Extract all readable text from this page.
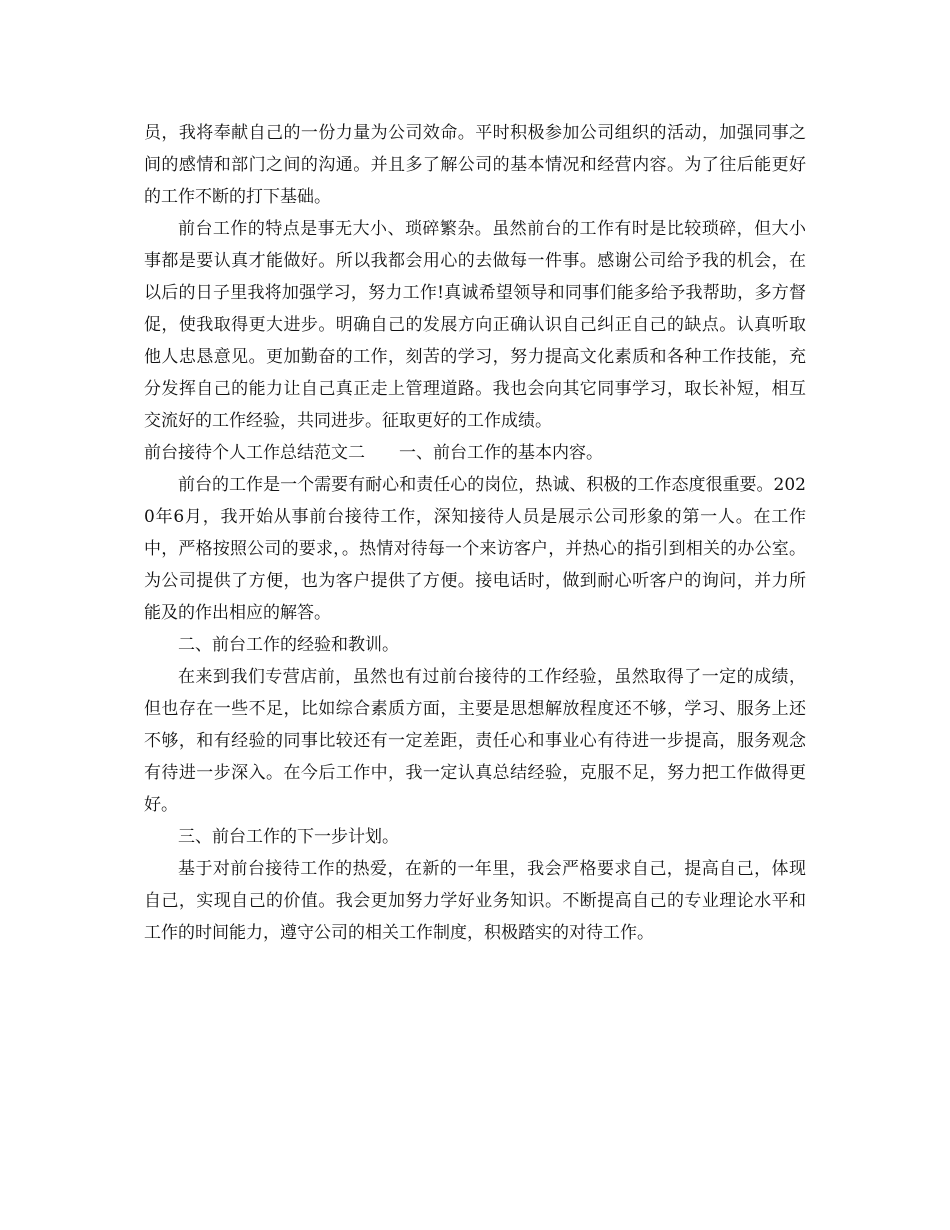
员，我将奉献自己的一份力量为公司效命。平时积极参加公司组织的活动，加强同事之间的感情和部门之间的沟通。并且多了解公司的基本情况和经营内容。为了往后能更好的工作不断的打下基础。

前台工作的特点是事无大小、琐碎繁杂。虽然前台的工作有时是比较琐碎，但大小事都是要认真才能做好。所以我都会用心的去做每一件事。感谢公司给予我的机会，在以后的日子里我将加强学习，努力工作!真诚希望领导和同事们能多给予我帮助，多方督促，使我取得更大进步。明确自己的发展方向正确认识自己纠正自己的缺点。认真听取他人忠恳意见。更加勤奋的工作，刻苦的学习，努力提高文化素质和各种工作技能，充分发挥自己的能力让自己真正走上管理道路。我也会向其它同事学习，取长补短，相互交流好的工作经验，共同进步。征取更好的工作成绩。

前台接待个人工作总结范文二　　一、前台工作的基本内容。

前台的工作是一个需要有耐心和责任心的岗位，热诚、积极的工作态度很重要。2020年6月，我开始从事前台接待工作，深知接待人员是展示公司形象的第一人。在工作中，严格按照公司的要求，。热情对待每一个来访客户，并热心的指引到相关的办公室。为公司提供了方便，也为客户提供了方便。接电话时，做到耐心听客户的询问，并力所能及的作出相应的解答。

二、前台工作的经验和教训。

在来到我们专营店前，虽然也有过前台接待的工作经验，虽然取得了一定的成绩，但也存在一些不足，比如综合素质方面，主要是思想解放程度还不够，学习、服务上还不够，和有经验的同事比较还有一定差距，责任心和事业心有待进一步提高，服务观念有待进一步深入。在今后工作中，我一定认真总结经验，克服不足，努力把工作做得更好。

三、前台工作的下一步计划。

基于对前台接待工作的热爱，在新的一年里，我会严格要求自己，提高自己，体现自己，实现自己的价值。我会更加努力学好业务知识。不断提高自己的专业理论水平和工作的时间能力，遵守公司的相关工作制度，积极踏实的对待工作。
